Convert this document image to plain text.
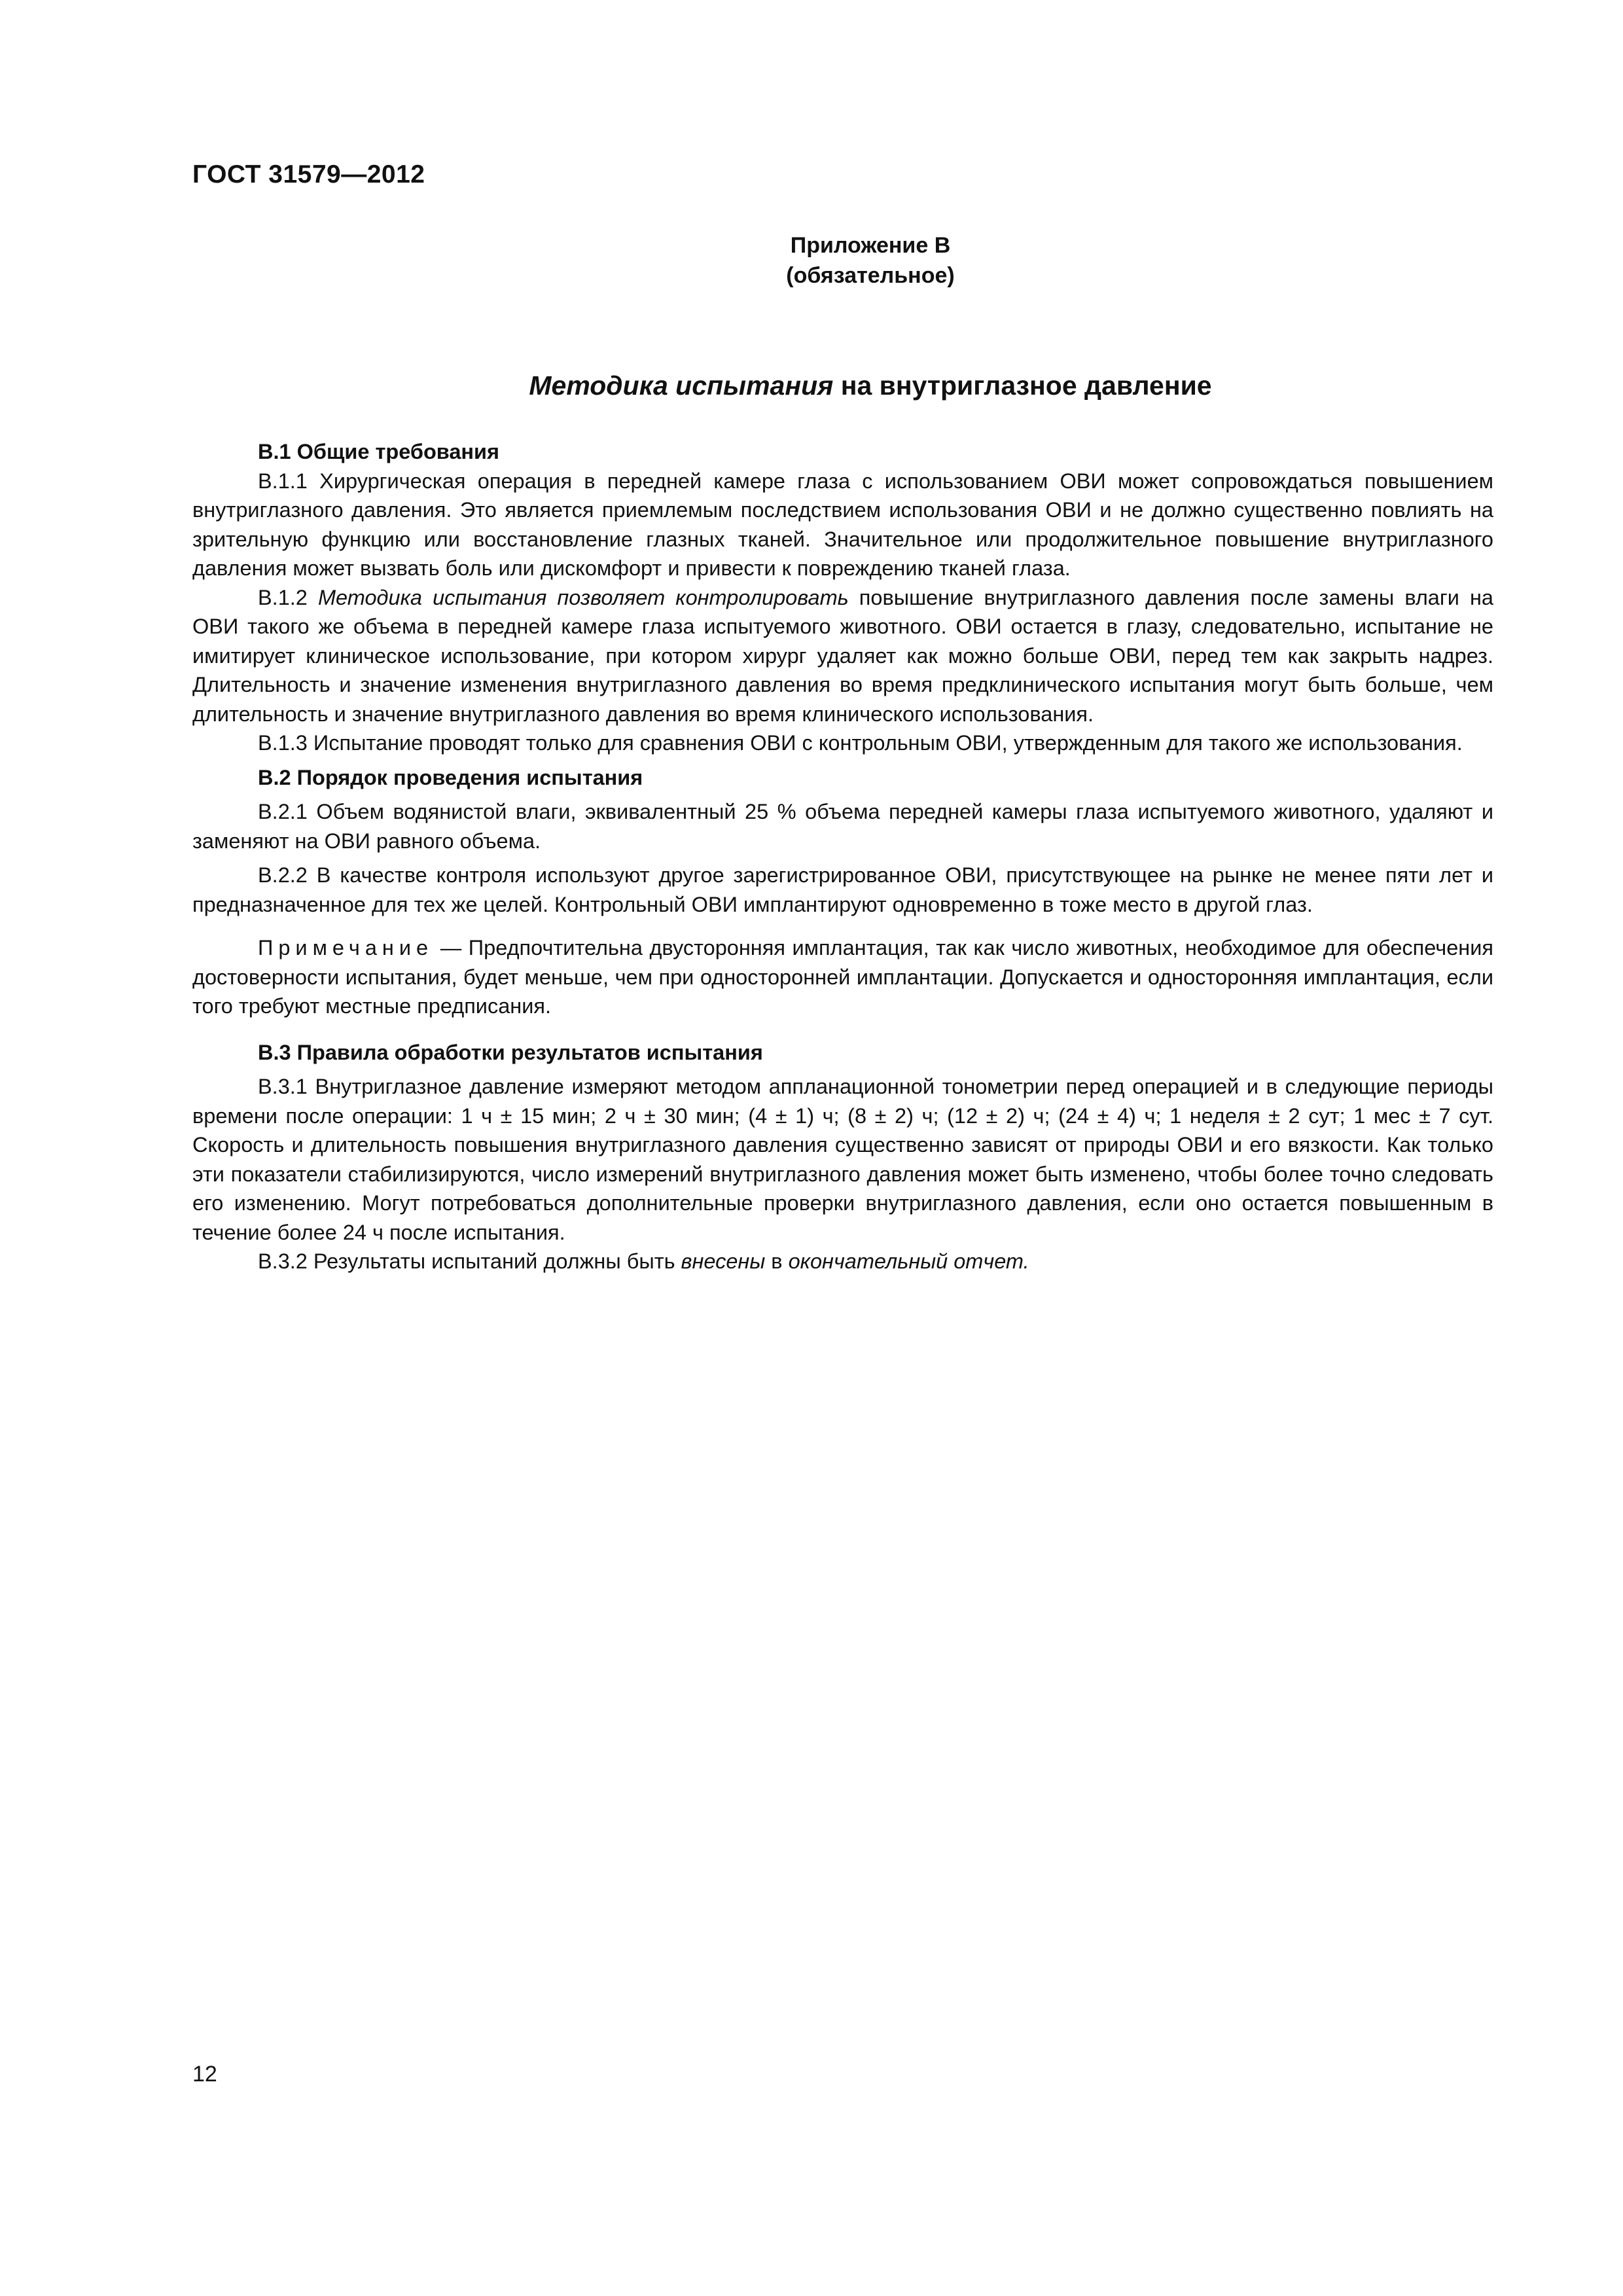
ГОСТ 31579—2012
Приложение В
(обязательное)
Методика испытания на внутриглазное давление
В.1 Общие требования

В.1.1 Хирургическая операция в передней камере глаза с использованием ОВИ может сопровождаться повышением внутриглазного давления. Это является приемлемым последствием использования ОВИ и не должно существенно повлиять на зрительную функцию или восстановление глазных тканей. Значительное или продолжительное повышение внутриглазного давления может вызвать боль или дискомфорт и привести к повреждению тканей глаза.

В.1.2 Методика испытания позволяет контролировать повышение внутриглазного давления после замены влаги на ОВИ такого же объема в передней камере глаза испытуемого животного. ОВИ остается в глазу, следовательно, испытание не имитирует клиническое использование, при котором хирург удаляет как можно больше ОВИ, перед тем как закрыть надрез. Длительность и значение изменения внутриглазного давления во время предклинического испытания могут быть больше, чем длительность и значение внутриглазного давления во время клинического использования.

В.1.3 Испытание проводят только для сравнения ОВИ с контрольным ОВИ, утвержденным для такого же использования.

В.2 Порядок проведения испытания

В.2.1 Объем водянистой влаги, эквивалентный 25 % объема передней камеры глаза испытуемого животного, удаляют и заменяют на ОВИ равного объема.

В.2.2 В качестве контроля используют другое зарегистрированное ОВИ, присутствующее на рынке не менее пяти лет и предназначенное для тех же целей. Контрольный ОВИ имплантируют одновременно в тоже место в другой глаз.

Примечание — Предпочтительна двусторонняя имплантация, так как число животных, необходимое для обеспечения достоверности испытания, будет меньше, чем при односторонней имплантации. Допускается и односторонняя имплантация, если того требуют местные предписания.

В.3 Правила обработки результатов испытания

В.3.1 Внутриглазное давление измеряют методом аппланационной тонометрии перед операцией и в следующие периоды времени после операции: 1 ч ± 15 мин; 2 ч ± 30 мин; (4 ± 1) ч; (8 ± 2) ч; (12 ± 2) ч; (24 ± 4) ч; 1 неделя ± 2 сут; 1 мес ± 7 сут. Скорость и длительность повышения внутриглазного давления существенно зависят от природы ОВИ и его вязкости. Как только эти показатели стабилизируются, число измерений внутриглазного давления может быть изменено, чтобы более точно следовать его изменению. Могут потребоваться дополнительные проверки внутриглазного давления, если оно остается повышенным в течение более 24 ч после испытания.

В.3.2 Результаты испытаний должны быть внесены в окончательный отчет.

12
